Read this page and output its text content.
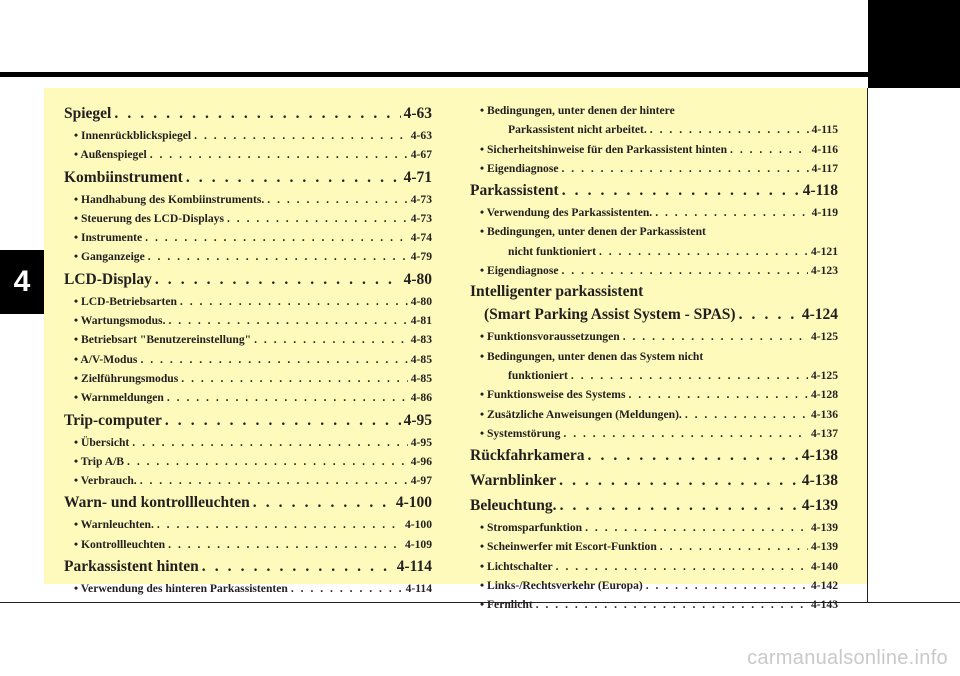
4
Spiegel . . .	4-63
• Innenrückblickspiegel . . .	4-63
• Außenspiegel . . .	4-67
Kombiinstrument . . .	4-71
• Handhabung des Kombiinstruments. . . .	4-73
• Steuerung des LCD-Displays . . .	4-73
• Instrumente . . .	4-74
• Ganganzeige . . .	4-79
LCD-Display . . .	4-80
• LCD-Betriebsarten . . .	4-80
• Wartungsmodus. . . .	4-81
• Betriebsart "Benutzereinstellung" . . .	4-83
• A/V-Modus . . .	4-85
• Zielführungsmodus . . .	4-85
• Warnmeldungen . . .	4-86
Trip-computer . . .	4-95
• Übersicht . . .	4-95
• Trip A/B . . .	4-96
• Verbrauch. . . .	4-97
Warn- und kontrollleuchten . . .	4-100
• Warnleuchten. . . .	4-100
• Kontrollleuchten . . .	4-109
Parkassistent hinten . . .	4-114
• Verwendung des hinteren Parkassistenten . . .	4-114
• Bedingungen, unter denen der hintere
Parkassistent nicht arbeitet. . . .	4-115
• Sicherheitshinweise für den Parkassistent hinten . . .	4-116
• Eigendiagnose . . .	4-117
Parkassistent . . .	4-118
• Verwendung des Parkassistenten. . . .	4-119
• Bedingungen, unter denen der Parkassistent
nicht funktioniert . . .	4-121
• Eigendiagnose . . .	4-123
Intelligenter parkassistent
(Smart Parking Assist System - SPAS) . . .	4-124
• Funktionsvoraussetzungen . . .	4-125
• Bedingungen, unter denen das System nicht
funktioniert . . .	4-125
• Funktionsweise des Systems . . .	4-128
• Zusätzliche Anweisungen (Meldungen). . . .	4-136
• Systemstörung . . .	4-137
Rückfahrkamera . . .	4-138
Warnblinker . . .	4-138
Beleuchtung. . . .	4-139
• Stromsparfunktion . . .	4-139
• Scheinwerfer mit Escort-Funktion . . .	4-139
• Lichtschalter . . .	4-140
• Links-/Rechtsverkehr (Europa) . . .	4-142
• Fernlicht . . .	4-143
carmanualsonline.info
